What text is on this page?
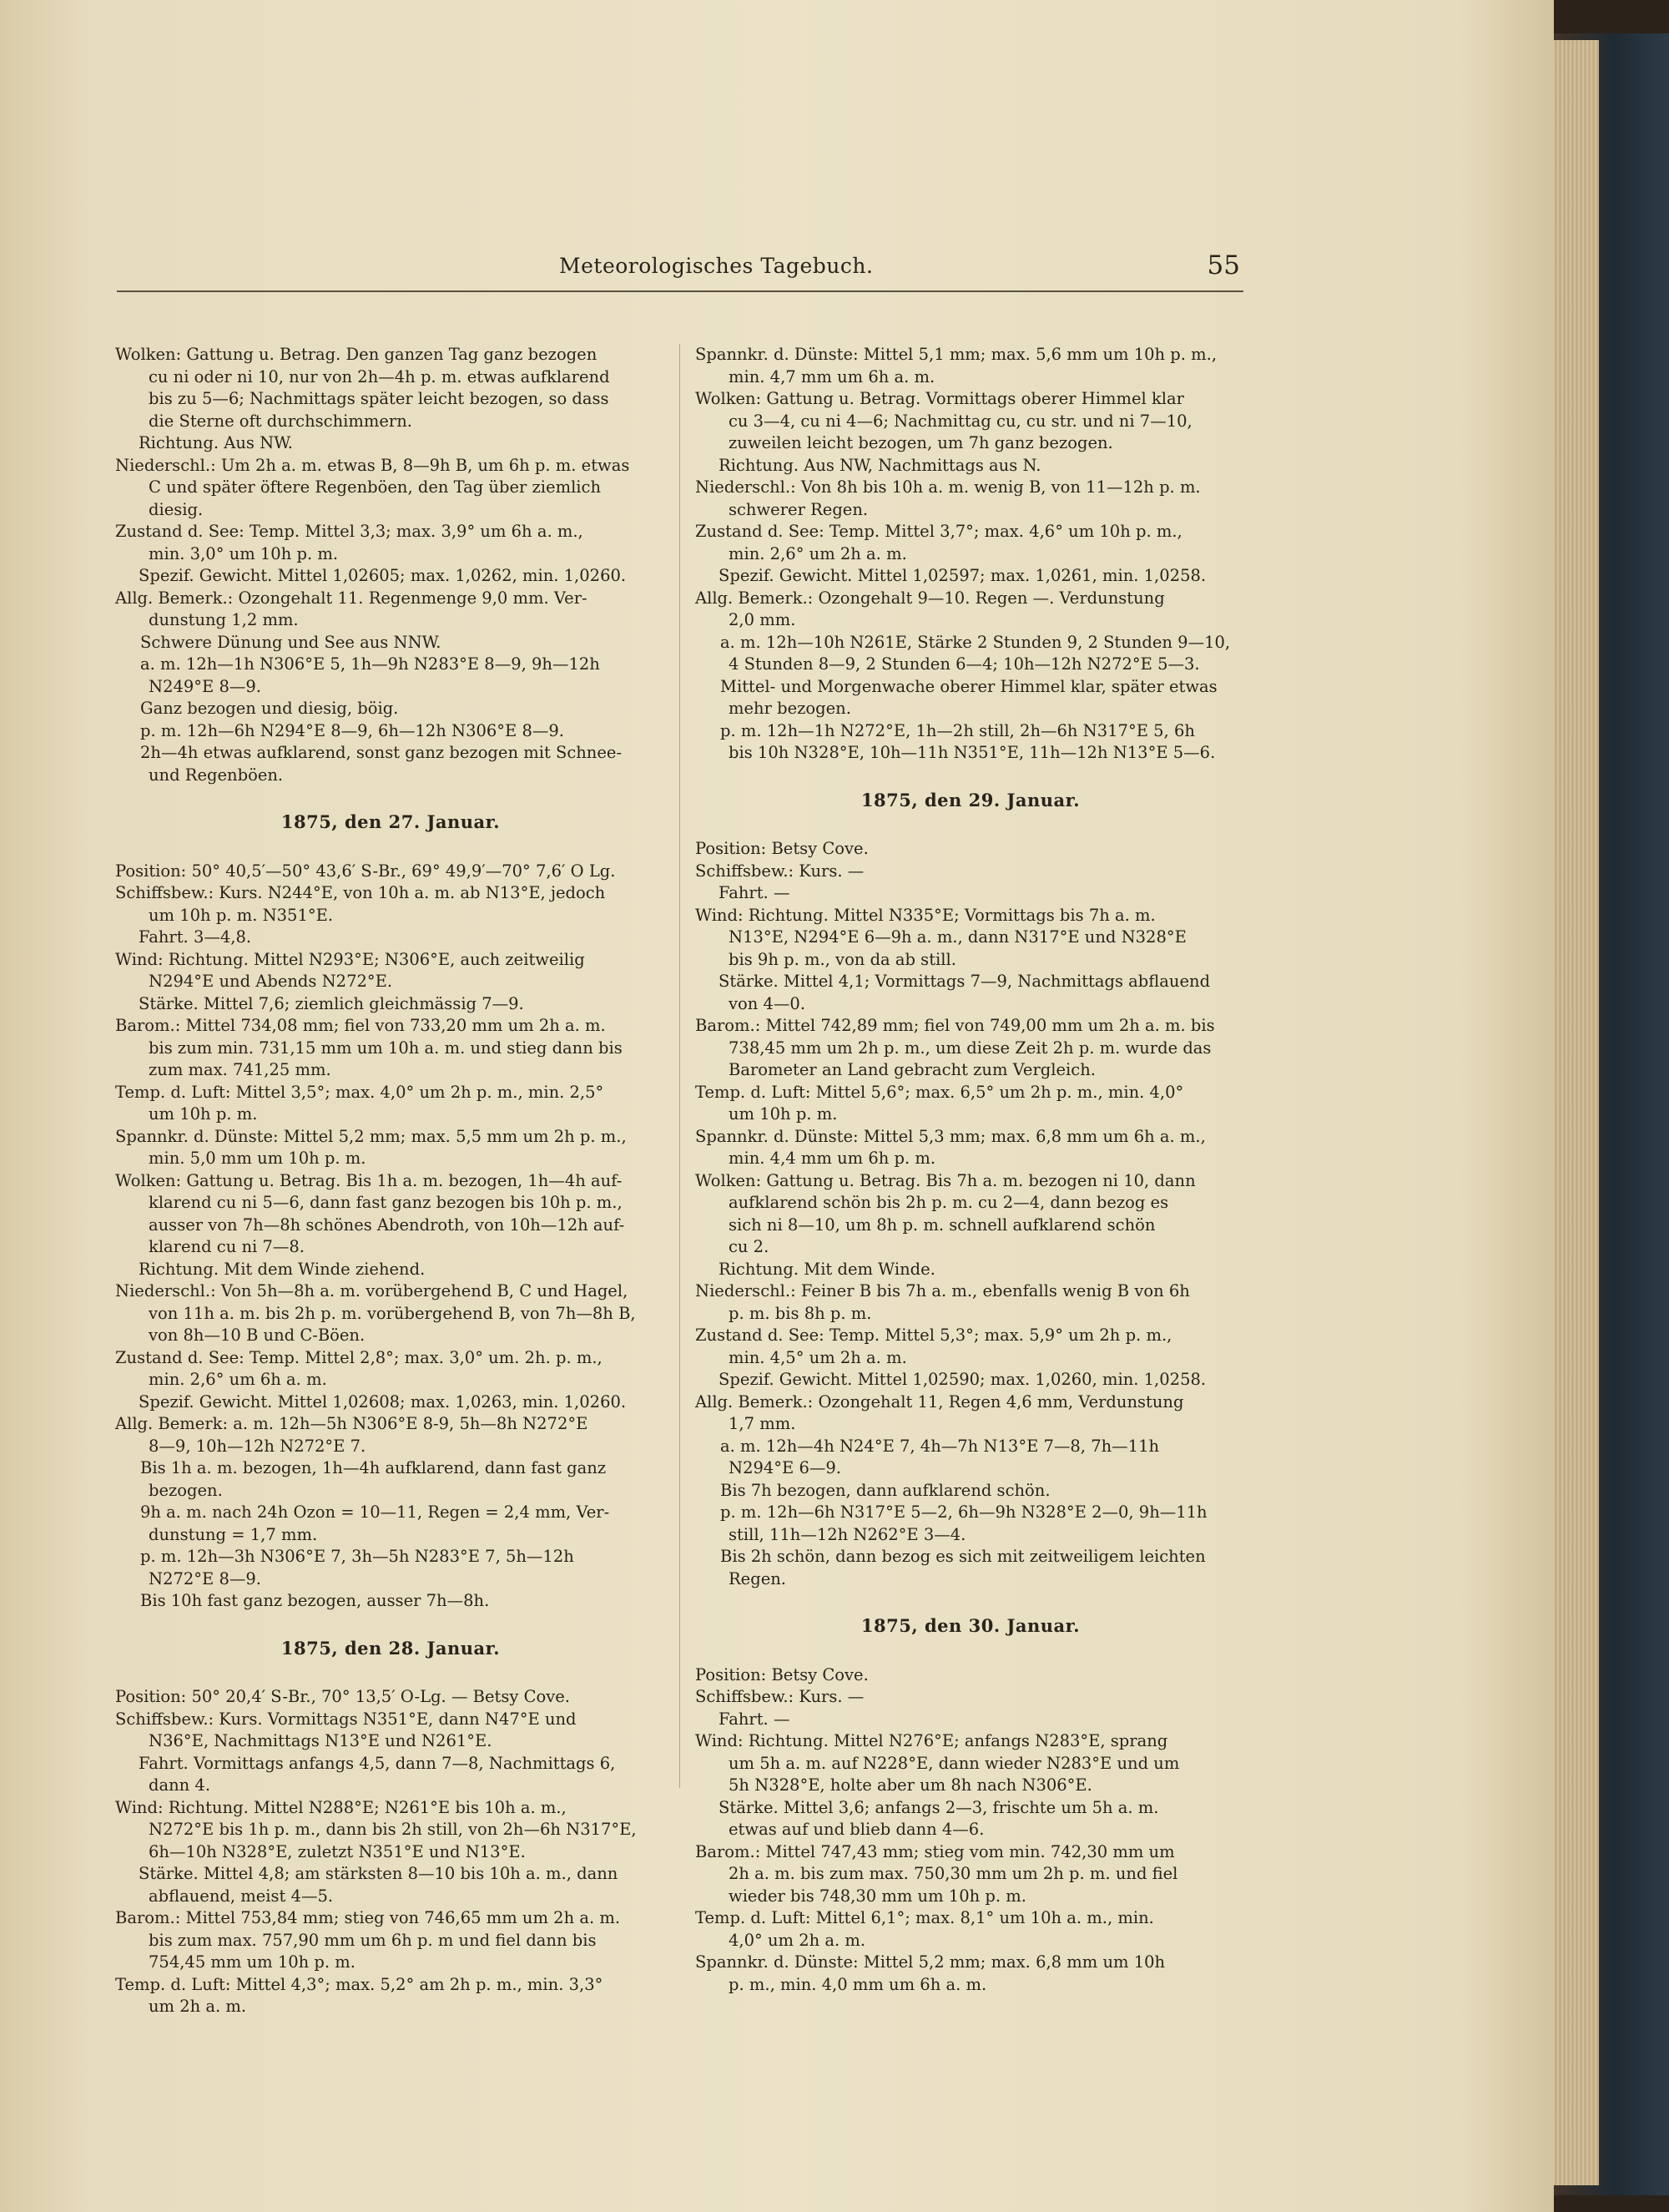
Meteorologisches Tagebuch.	55
Wolken: Gattung u. Betrag. Den ganzen Tag ganz bezogen
cu ni oder ni 10, nur von 2h—4h p. m. etwas aufklarend
bis zu 5—6; Nachmittags später leicht bezogen, so dass
die Sterne oft durchschimmern.
Richtung. Aus NW.
Niederschl.: Um 2h a. m. etwas B, 8—9h B, um 6h p. m. etwas
C und später öftere Regenböen, den Tag über ziemlich
diesig.
Zustand d. See: Temp. Mittel 3,3; max. 3,9° um 6h a. m.,
min. 3,0° um 10h p. m.
Spezif. Gewicht. Mittel 1,02605; max. 1,0262, min. 1,0260.
Allg. Bemerk.: Ozongehalt 11. Regenmenge 9,0 mm. Ver-
dunstung 1,2 mm.
Schwere Dünung und See aus NNW.
a. m. 12h—1h N306°E 5, 1h—9h N283°E 8—9, 9h—12h
N249°E 8—9.
Ganz bezogen und diesig, böig.
p. m. 12h—6h N294°E 8—9, 6h—12h N306°E 8—9.
2h—4h etwas aufklarend, sonst ganz bezogen mit Schnee-
und Regenböen.
1875, den 27. Januar.
Position: 50° 40,5′—50° 43,6′ S-Br., 69° 49,9′—70° 7,6′ O Lg.
Schiffsbew.: Kurs. N244°E, von 10h a. m. ab N13°E, jedoch
um 10h p. m. N351°E.
Fahrt. 3—4,8.
Wind: Richtung. Mittel N293°E; N306°E, auch zeitweilig
N294°E und Abends N272°E.
Stärke. Mittel 7,6; ziemlich gleichmässig 7—9.
Barom.: Mittel 734,08 mm; fiel von 733,20 mm um 2h a. m.
bis zum min. 731,15 mm um 10h a. m. und stieg dann bis
zum max. 741,25 mm.
Temp. d. Luft: Mittel 3,5°; max. 4,0° um 2h p. m., min. 2,5°
um 10h p. m.
Spannkr. d. Dünste: Mittel 5,2 mm; max. 5,5 mm um 2h p. m.,
min. 5,0 mm um 10h p. m.
Wolken: Gattung u. Betrag. Bis 1h a. m. bezogen, 1h—4h auf-
klarend cu ni 5—6, dann fast ganz bezogen bis 10h p. m.,
ausser von 7h—8h schönes Abendroth, von 10h—12h auf-
klarend cu ni 7—8.
Richtung. Mit dem Winde ziehend.
Niederschl.: Von 5h—8h a. m. vorübergehend B, C und Hagel,
von 11h a. m. bis 2h p. m. vorübergehend B, von 7h—8h B,
von 8h—10 B und C-Böen.
Zustand d. See: Temp. Mittel 2,8°; max. 3,0° um. 2h. p. m.,
min. 2,6° um 6h a. m.
Spezif. Gewicht. Mittel 1,02608; max. 1,0263, min. 1,0260.
Allg. Bemerk: a. m. 12h—5h N306°E 8-9, 5h—8h N272°E
8—9, 10h—12h N272°E 7.
Bis 1h a. m. bezogen, 1h—4h aufklarend, dann fast ganz
bezogen.
9h a. m. nach 24h Ozon = 10—11, Regen = 2,4 mm, Ver-
dunstung = 1,7 mm.
p. m. 12h—3h N306°E 7, 3h—5h N283°E 7, 5h—12h
N272°E 8—9.
Bis 10h fast ganz bezogen, ausser 7h—8h.
1875, den 28. Januar.
Position: 50° 20,4′ S-Br., 70° 13,5′ O-Lg. — Betsy Cove.
Schiffsbew.: Kurs. Vormittags N351°E, dann N47°E und
N36°E, Nachmittags N13°E und N261°E.
Fahrt. Vormittags anfangs 4,5, dann 7—8, Nachmittags 6,
dann 4.
Wind: Richtung. Mittel N288°E; N261°E bis 10h a. m.,
N272°E bis 1h p. m., dann bis 2h still, von 2h—6h N317°E,
6h—10h N328°E, zuletzt N351°E und N13°E.
Stärke. Mittel 4,8; am stärksten 8—10 bis 10h a. m., dann
abflauend, meist 4—5.
Barom.: Mittel 753,84 mm; stieg von 746,65 mm um 2h a. m.
bis zum max. 757,90 mm um 6h p. m und fiel dann bis
754,45 mm um 10h p. m.
Temp. d. Luft: Mittel 4,3°; max. 5,2° am 2h p. m., min. 3,3°
um 2h a. m.
Spannkr. d. Dünste: Mittel 5,1 mm; max. 5,6 mm um 10h p. m.,
min. 4,7 mm um 6h a. m.
Wolken: Gattung u. Betrag. Vormittags oberer Himmel klar
cu 3—4, cu ni 4—6; Nachmittag cu, cu str. und ni 7—10,
zuweilen leicht bezogen, um 7h ganz bezogen.
Richtung. Aus NW, Nachmittags aus N.
Niederschl.: Von 8h bis 10h a. m. wenig B, von 11—12h p. m.
schwerer Regen.
Zustand d. See: Temp. Mittel 3,7°; max. 4,6° um 10h p. m.,
min. 2,6° um 2h a. m.
Spezif. Gewicht. Mittel 1,02597; max. 1,0261, min. 1,0258.
Allg. Bemerk.: Ozongehalt 9—10. Regen —. Verdunstung
2,0 mm.
a. m. 12h—10h N261E, Stärke 2 Stunden 9, 2 Stunden 9—10,
4 Stunden 8—9, 2 Stunden 6—4; 10h—12h N272°E 5—3.
Mittel- und Morgenwache oberer Himmel klar, später etwas
mehr bezogen.
p. m. 12h—1h N272°E, 1h—2h still, 2h—6h N317°E 5, 6h
bis 10h N328°E, 10h—11h N351°E, 11h—12h N13°E 5—6.
1875, den 29. Januar.
Position: Betsy Cove.
Schiffsbew.: Kurs. —
Fahrt. —
Wind: Richtung. Mittel N335°E; Vormittags bis 7h a. m.
N13°E, N294°E 6—9h a. m., dann N317°E und N328°E
bis 9h p. m., von da ab still.
Stärke. Mittel 4,1; Vormittags 7—9, Nachmittags abflauend
von 4—0.
Barom.: Mittel 742,89 mm; fiel von 749,00 mm um 2h a. m. bis
738,45 mm um 2h p. m., um diese Zeit 2h p. m. wurde das
Barometer an Land gebracht zum Vergleich.
Temp. d. Luft: Mittel 5,6°; max. 6,5° um 2h p. m., min. 4,0°
um 10h p. m.
Spannkr. d. Dünste: Mittel 5,3 mm; max. 6,8 mm um 6h a. m.,
min. 4,4 mm um 6h p. m.
Wolken: Gattung u. Betrag. Bis 7h a. m. bezogen ni 10, dann
aufklarend schön bis 2h p. m. cu 2—4, dann bezog es
sich ni 8—10, um 8h p. m. schnell aufklarend schön
cu 2.
Richtung. Mit dem Winde.
Niederschl.: Feiner B bis 7h a. m., ebenfalls wenig B von 6h
p. m. bis 8h p. m.
Zustand d. See: Temp. Mittel 5,3°; max. 5,9° um 2h p. m.,
min. 4,5° um 2h a. m.
Spezif. Gewicht. Mittel 1,02590; max. 1,0260, min. 1,0258.
Allg. Bemerk.: Ozongehalt 11, Regen 4,6 mm, Verdunstung
1,7 mm.
a. m. 12h—4h N24°E 7, 4h—7h N13°E 7—8, 7h—11h
N294°E 6—9.
Bis 7h bezogen, dann aufklarend schön.
p. m. 12h—6h N317°E 5—2, 6h—9h N328°E 2—0, 9h—11h
still, 11h—12h N262°E 3—4.
Bis 2h schön, dann bezog es sich mit zeitweiligem leichten
Regen.
1875, den 30. Januar.
Position: Betsy Cove.
Schiffsbew.: Kurs. —
Fahrt. —
Wind: Richtung. Mittel N276°E; anfangs N283°E, sprang
um 5h a. m. auf N228°E, dann wieder N283°E und um
5h N328°E, holte aber um 8h nach N306°E.
Stärke. Mittel 3,6; anfangs 2—3, frischte um 5h a. m.
etwas auf und blieb dann 4—6.
Barom.: Mittel 747,43 mm; stieg vom min. 742,30 mm um
2h a. m. bis zum max. 750,30 mm um 2h p. m. und fiel
wieder bis 748,30 mm um 10h p. m.
Temp. d. Luft: Mittel 6,1°; max. 8,1° um 10h a. m., min.
4,0° um 2h a. m.
Spannkr. d. Dünste: Mittel 5,2 mm; max. 6,8 mm um 10h
p. m., min. 4,0 mm um 6h a. m.
